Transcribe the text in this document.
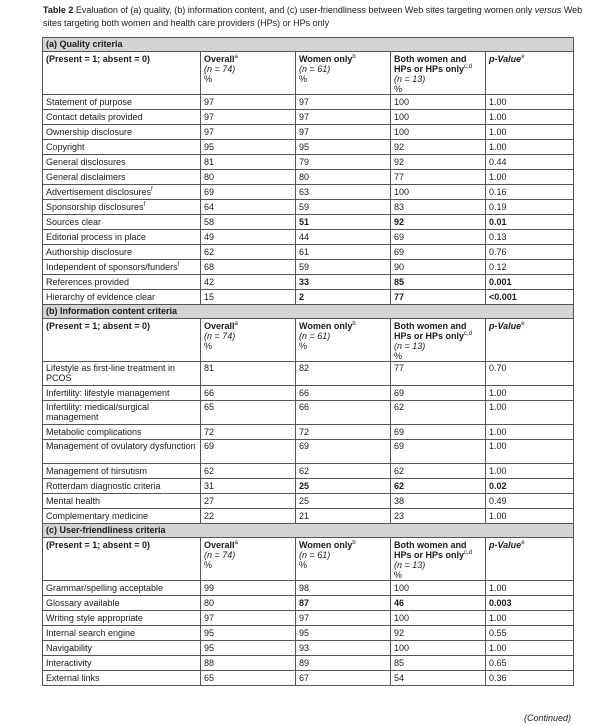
Table 2 Evaluation of (a) quality, (b) information content, and (c) user-friendliness between Web sites targeting women only versus Web sites targeting both women and health care providers (HPs) or HPs only
(a) Quality criteria				
(Present = 1; absent = 0)	Overall$^a$
(n = 74)
%	Women only$^b$
(n = 61)
%	Both women and
HPs or HPs only$^{c,d}$
(n = 13)
%	p-Value$^e$
Statement of purpose	97	97	100	1.00
Contact details provided	97	97	100	1.00
Ownership disclosure	97	97	100	1.00
Copyright	95	95	92	1.00
General disclosures	81	79	92	0.44
General disclaimers	80	80	77	1.00
Advertisement disclosures$^f$	69	63	100	0.16
Sponsorship disclosures$^f$	64	59	83	0.19
Sources clear	58	51	92	0.01
Editorial process in place	49	44	69	0.13
Authorship disclosure	62	61	69	0.76
Independent of sponsors/funders$^f$	68	59	90	0.12
References provided	42	33	85	0.001
Hierarchy of evidence clear	15	2	77	<0.001
(b) Information content criteria				
(Present = 1; absent = 0)	Overall$^a$
(n = 74)
%	Women only$^b$
(n = 61)
%	Both women and
HPs or HPs only$^{c,d}$
(n = 13)
%	p-Value$^e$
Lifestyle as first-line treatment in PCOS	81	82	77	0.70
Infertility: lifestyle management	66	66	69	1.00
Infertility: medical/surgical management	65	66	62	1.00
Metabolic complications	72	72	69	1.00
Management of ovulatory dysfunction	69	69	69	1.00
Management of hirsutism	62	62	62	1.00
Rotterdam diagnostic criteria	31	25	62	0.02
Mental health	27	25	38	0.49
Complementary medicine	22	21	23	1.00
(c) User-friendliness criteria				
(Present = 1; absent = 0)	Overall$^a$
(n = 74)
%	Women only$^b$
(n = 61)
%	Both women and
HPs or HPs only$^{c,d}$
(n = 13)
%	p-Value$^e$
Grammar/spelling acceptable	99	98	100	1.00
Glossary available	80	87	46	0.003
Writing style appropriate	97	97	100	1.00
Internal search engine	95	95	92	0.55
Navigability	95	93	100	1.00
Interactivity	88	89	85	0.65
External links	65	67	54	0.36
(Continued)
